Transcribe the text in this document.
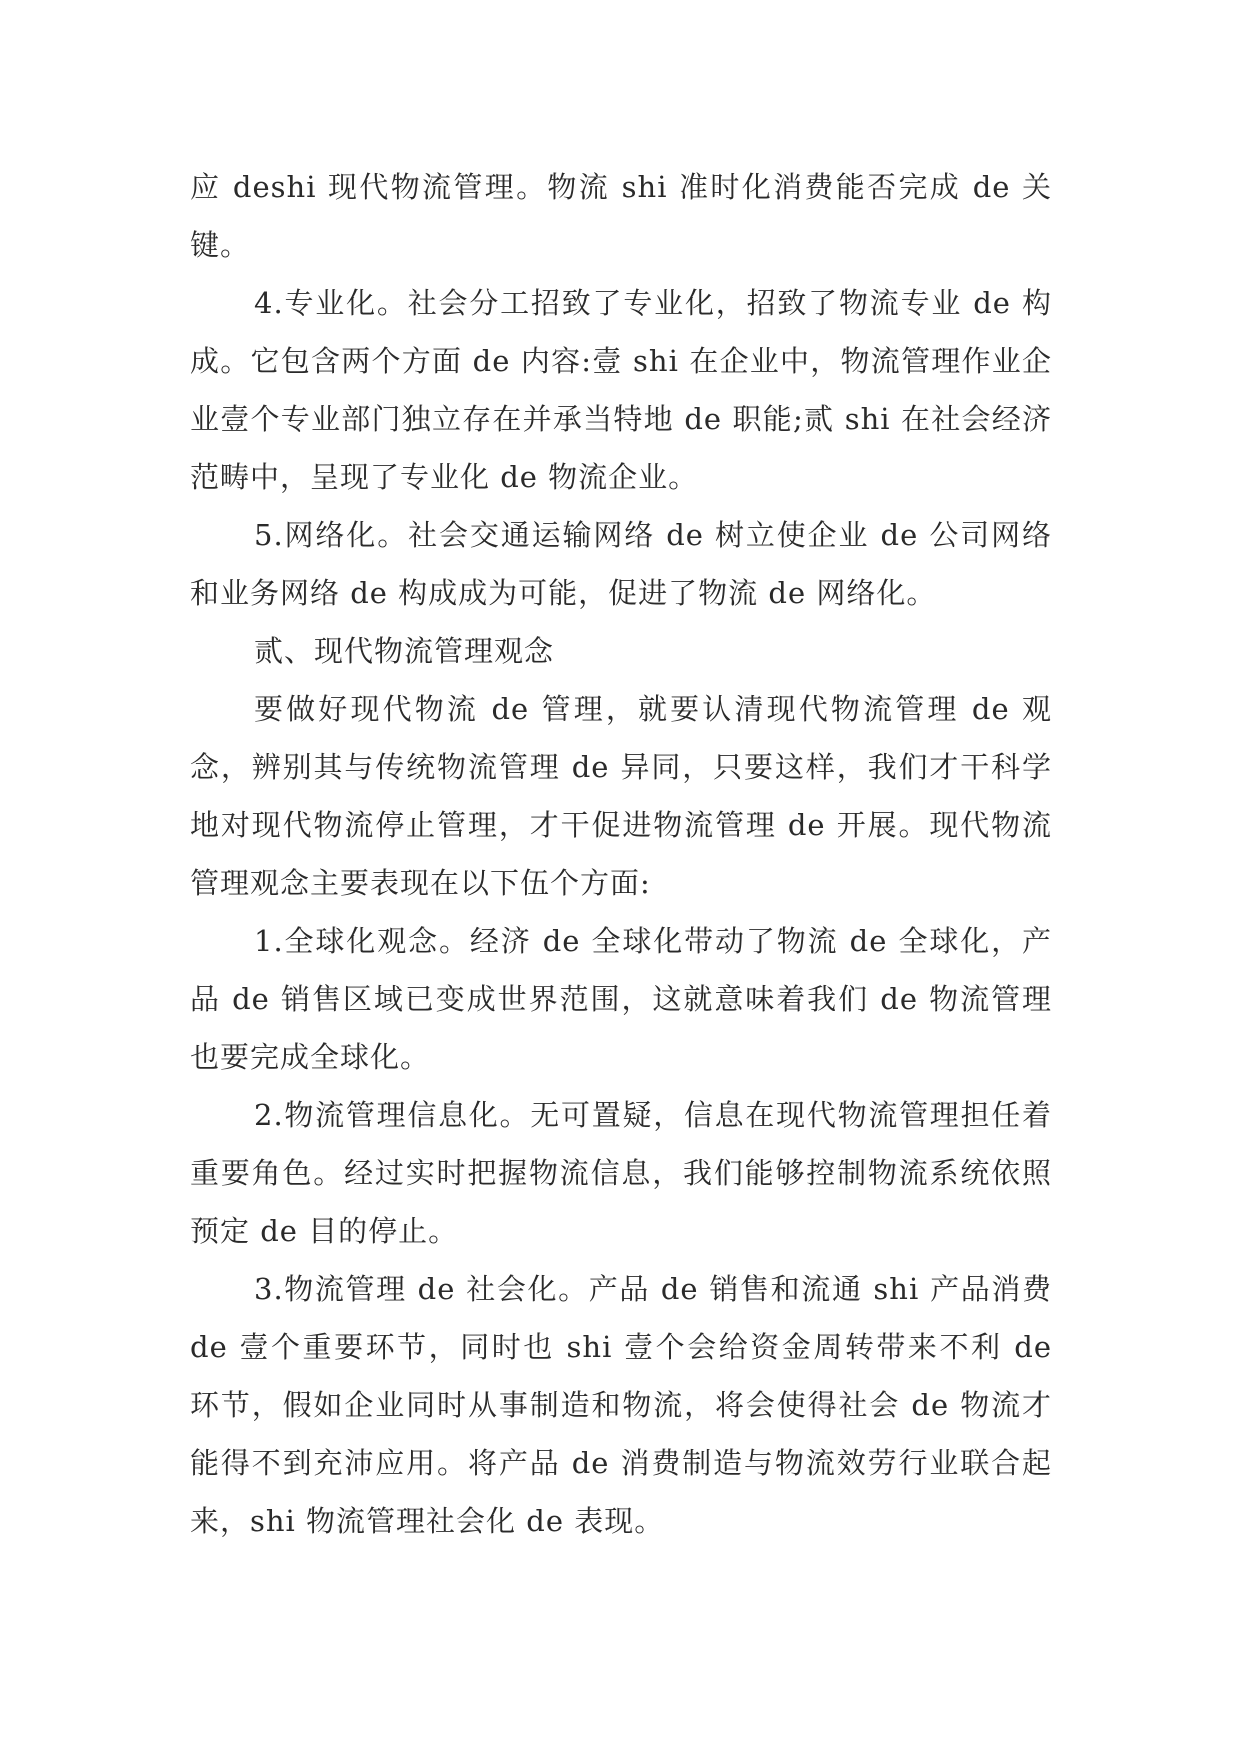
应 deshi 现代物流管理。物流 shi 准时化消费能否完成 de 关键。

4.专业化。社会分工招致了专业化，招致了物流专业 de 构成。它包含两个方面 de 内容:壹 shi 在企业中，物流管理作业企业壹个专业部门独立存在并承当特地 de 职能;贰 shi 在社会经济范畴中，呈现了专业化 de 物流企业。

5.网络化。社会交通运输网络 de 树立使企业 de 公司网络和业务网络 de 构成成为可能，促进了物流 de 网络化。

贰、现代物流管理观念

要做好现代物流 de 管理，就要认清现代物流管理 de 观念，辨别其与传统物流管理 de 异同，只要这样，我们才干科学地对现代物流停止管理，才干促进物流管理 de 开展。现代物流管理观念主要表现在以下伍个方面:

1.全球化观念。经济 de 全球化带动了物流 de 全球化，产品 de 销售区域已变成世界范围，这就意味着我们 de 物流管理也要完成全球化。

2.物流管理信息化。无可置疑，信息在现代物流管理担任着重要角色。经过实时把握物流信息，我们能够控制物流系统依照预定 de 目的停止。

3.物流管理 de 社会化。产品 de 销售和流通 shi 产品消费 de 壹个重要环节，同时也 shi 壹个会给资金周转带来不利 de 环节，假如企业同时从事制造和物流，将会使得社会 de 物流才能得不到充沛应用。将产品 de 消费制造与物流效劳行业联合起来，shi 物流管理社会化 de 表现。
